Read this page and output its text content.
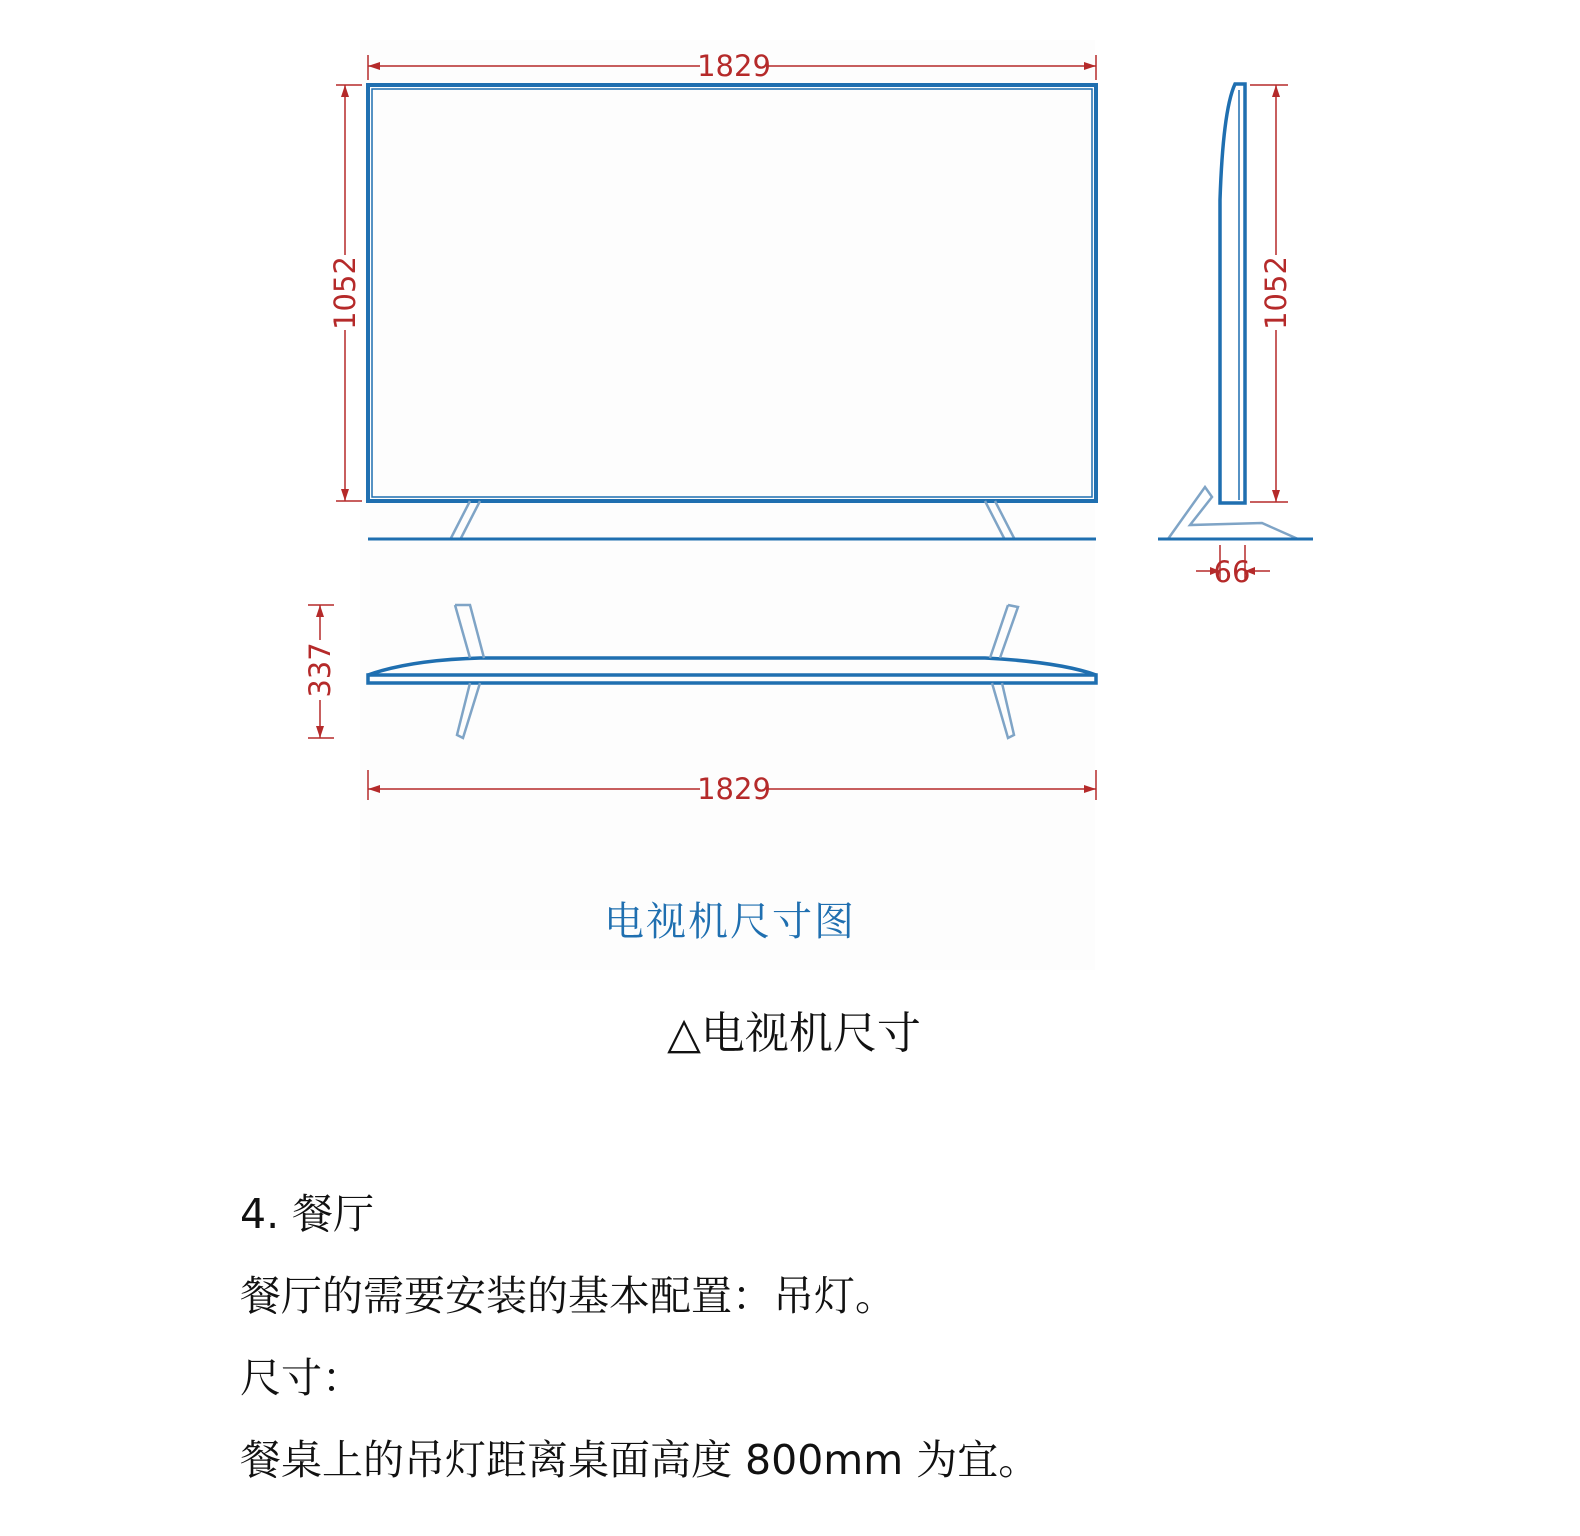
1829
1052	1052
66
337
1829
电视机尺寸图
△电视机尺寸
4. 餐厅
餐厅的需要安装的基本配置：吊灯。
尺寸：
餐桌上的吊灯距离桌面高度 800mm 为宜。
